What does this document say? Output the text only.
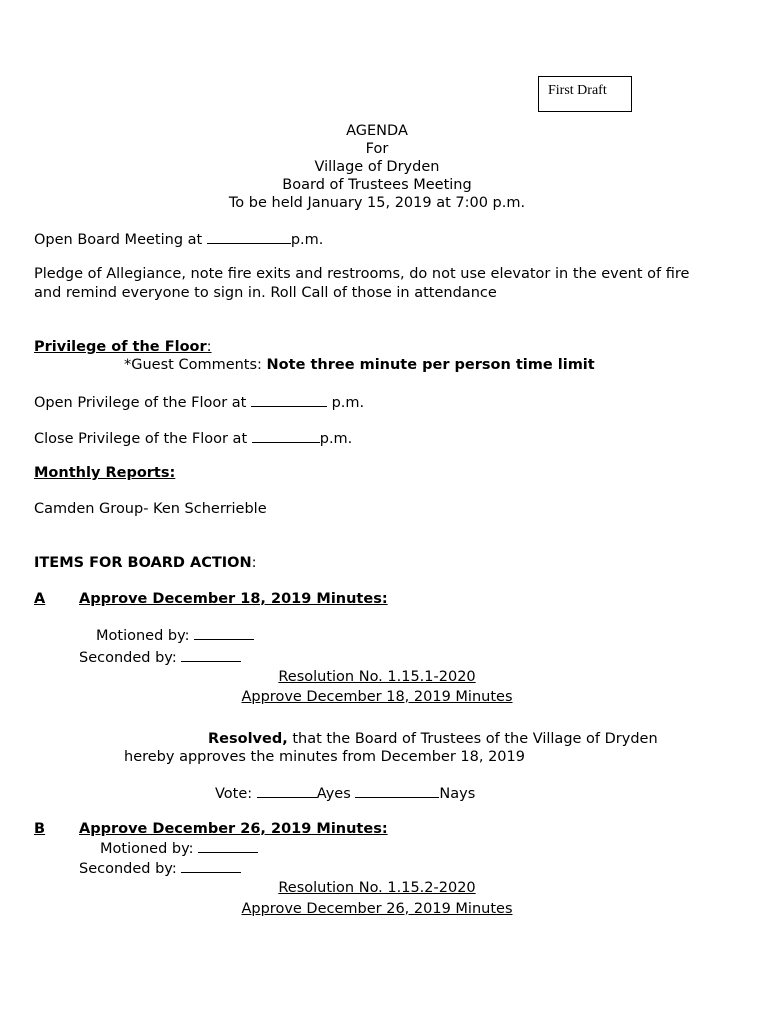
First Draft
AGENDA
For
Village of Dryden
Board of Trustees Meeting
To be held January 15, 2019 at 7:00 p.m.
Open Board Meeting at	p.m.
Pledge of Allegiance, note fire exits and restrooms, do not use elevator in the event of fire
and remind everyone to sign in. Roll Call of those in attendance
Privilege of the Floor:
*Guest Comments: Note three minute per person time limit
Open Privilege of the Floor at	p.m.
Close Privilege of the Floor at	p.m.
Monthly Reports:
Camden Group- Ken Scherrieble
ITEMS FOR BOARD ACTION:
A Approve December 18, 2019 Minutes:
Motioned by:
Seconded by:
Resolution No. 1.15.1-2020
Approve December 18, 2019 Minutes
Resolved, that the Board of Trustees of the Village of Dryden
hereby approves the minutes from December 18, 2019
Vote:	Ayes	Nays
B Approve December 26, 2019 Minutes:
Motioned by:
Seconded by:
Resolution No. 1.15.2-2020
Approve December 26, 2019 Minutes
